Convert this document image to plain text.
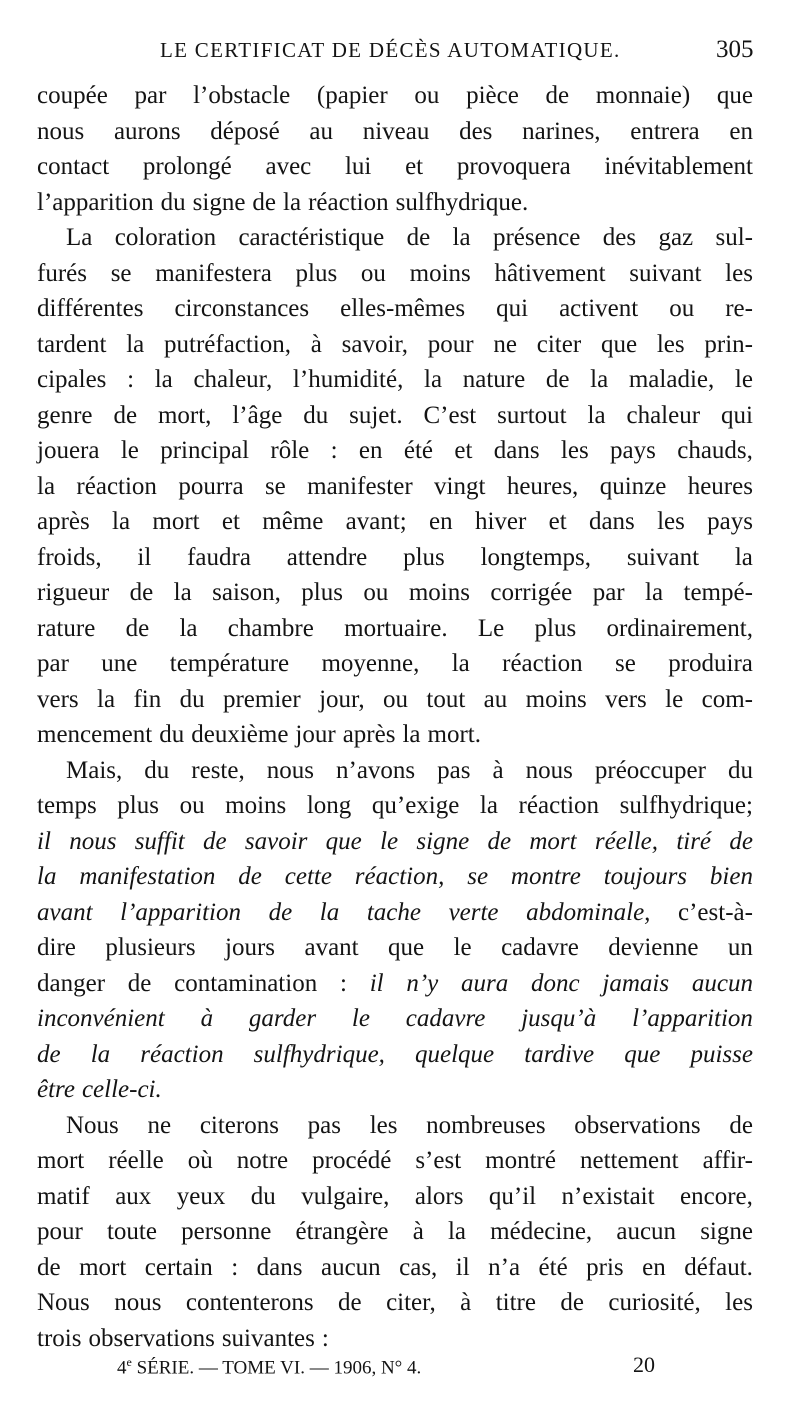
LE CERTIFICAT DE DÉCÈS AUTOMATIQUE.	305
coupée par l’obstacle (papier ou pièce de monnaie) que
nous aurons déposé au niveau des narines, entrera en
contact prolongé avec lui et provoquera inévitablement
l’apparition du signe de la réaction sulfhydrique.
La coloration caractéristique de la présence des gaz sul-
furés se manifestera plus ou moins hâtivement suivant les
différentes circonstances elles-mêmes qui activent ou re-
tardent la putréfaction, à savoir, pour ne citer que les prin-
cipales : la chaleur, l’humidité, la nature de la maladie, le
genre de mort, l’âge du sujet. C’est surtout la chaleur qui
jouera le principal rôle : en été et dans les pays chauds,
la réaction pourra se manifester vingt heures, quinze heures
après la mort et même avant; en hiver et dans les pays
froids, il faudra attendre plus longtemps, suivant la
rigueur de la saison, plus ou moins corrigée par la tempé-
rature de la chambre mortuaire. Le plus ordinairement,
par une température moyenne, la réaction se produira
vers la fin du premier jour, ou tout au moins vers le com-
mencement du deuxième jour après la mort.
Mais, du reste, nous n’avons pas à nous préoccuper du
temps plus ou moins long qu’exige la réaction sulfhydrique;
il nous suffit de savoir que le signe de mort réelle, tiré de
la manifestation de cette réaction, se montre toujours bien
avant l’apparition de la tache verte abdominale, c’est-à-
dire plusieurs jours avant que le cadavre devienne un
danger de contamination : il n’y aura donc jamais aucun
inconvénient à garder le cadavre jusqu’à l’apparition
de la réaction sulfhydrique, quelque tardive que puisse
être celle-ci.
Nous ne citerons pas les nombreuses observations de
mort réelle où notre procédé s’est montré nettement affir-
matif aux yeux du vulgaire, alors qu’il n’existait encore,
pour toute personne étrangère à la médecine, aucun signe
de mort certain : dans aucun cas, il n’a été pris en défaut.
Nous nous contenterons de citer, à titre de curiosité, les
trois observations suivantes :
4e SÉRIE. — TOME VI. — 1906, N° 4.	20
